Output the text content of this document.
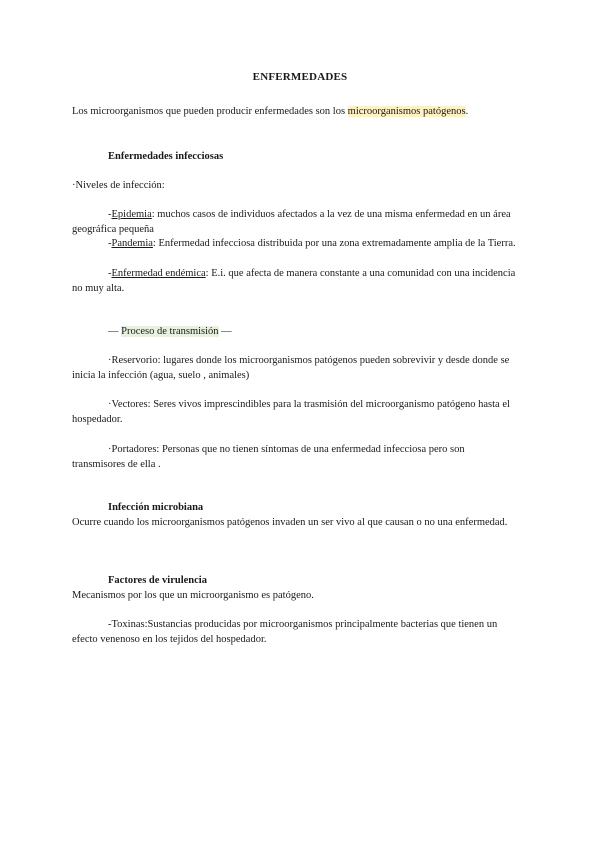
ENFERMEDADES

Los microorganismos que pueden producir enfermedades son los microorganismos patógenos.

Enfermedades infecciosas

·Niveles de infección:

-Epidemia: muchos casos de individuos afectados a la vez de una misma enfermedad en un área geográfica pequeña

-Pandemia: Enfermedad infecciosa distribuida por una zona extremadamente amplia de la Tierra.

-Enfermedad endémica: E.i. que afecta de manera constante a una comunidad con una incidencia no muy alta.

— Proceso de transmisión —

·Reservorio: lugares donde los microorganismos patógenos pueden sobrevivir y desde donde se inicia la infección (agua, suelo , animales)

·Vectores: Seres vivos imprescindibles para la trasmisión del microorganismo patógeno hasta el hospedador.

·Portadores: Personas que no tienen síntomas de una enfermedad infecciosa pero son transmisores de ella .

Infección microbiana

Ocurre cuando los microorganismos patógenos invaden un ser vivo al que causan o no una enfermedad.

Factores de virulencia

Mecanismos por los que un microorganismo es patógeno.

-Toxinas:Sustancias producidas por microorganismos principalmente bacterias que tienen un efecto venenoso en los tejidos del hospedador.
